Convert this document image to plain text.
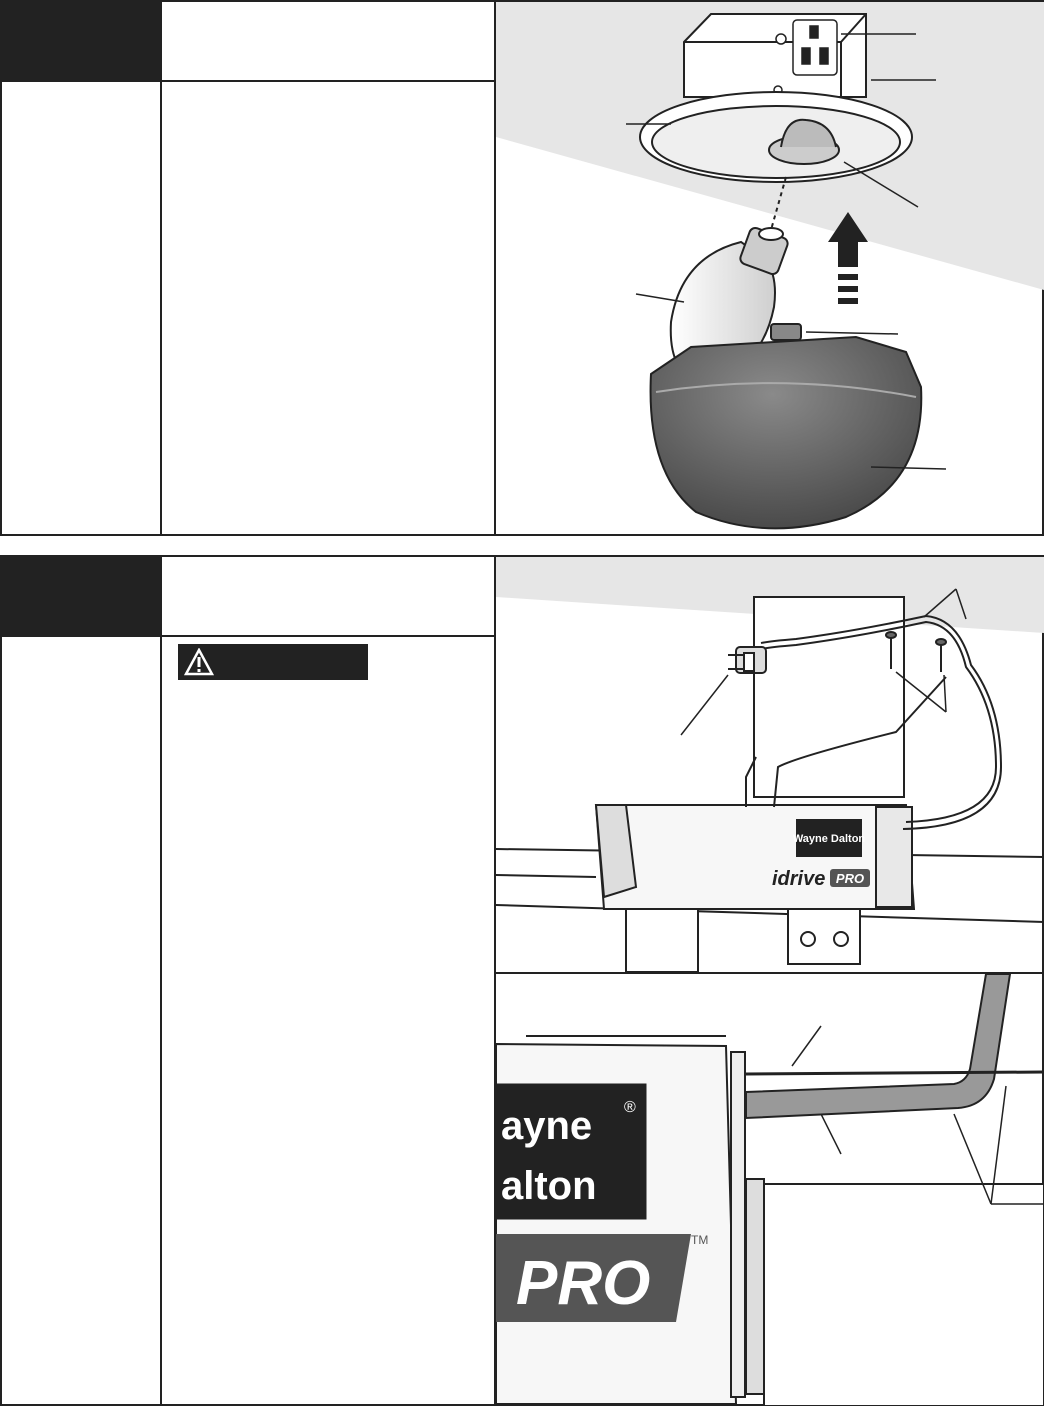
Wayne Dalton
idrive PRO
ayne ®
alton
PRO
TM
